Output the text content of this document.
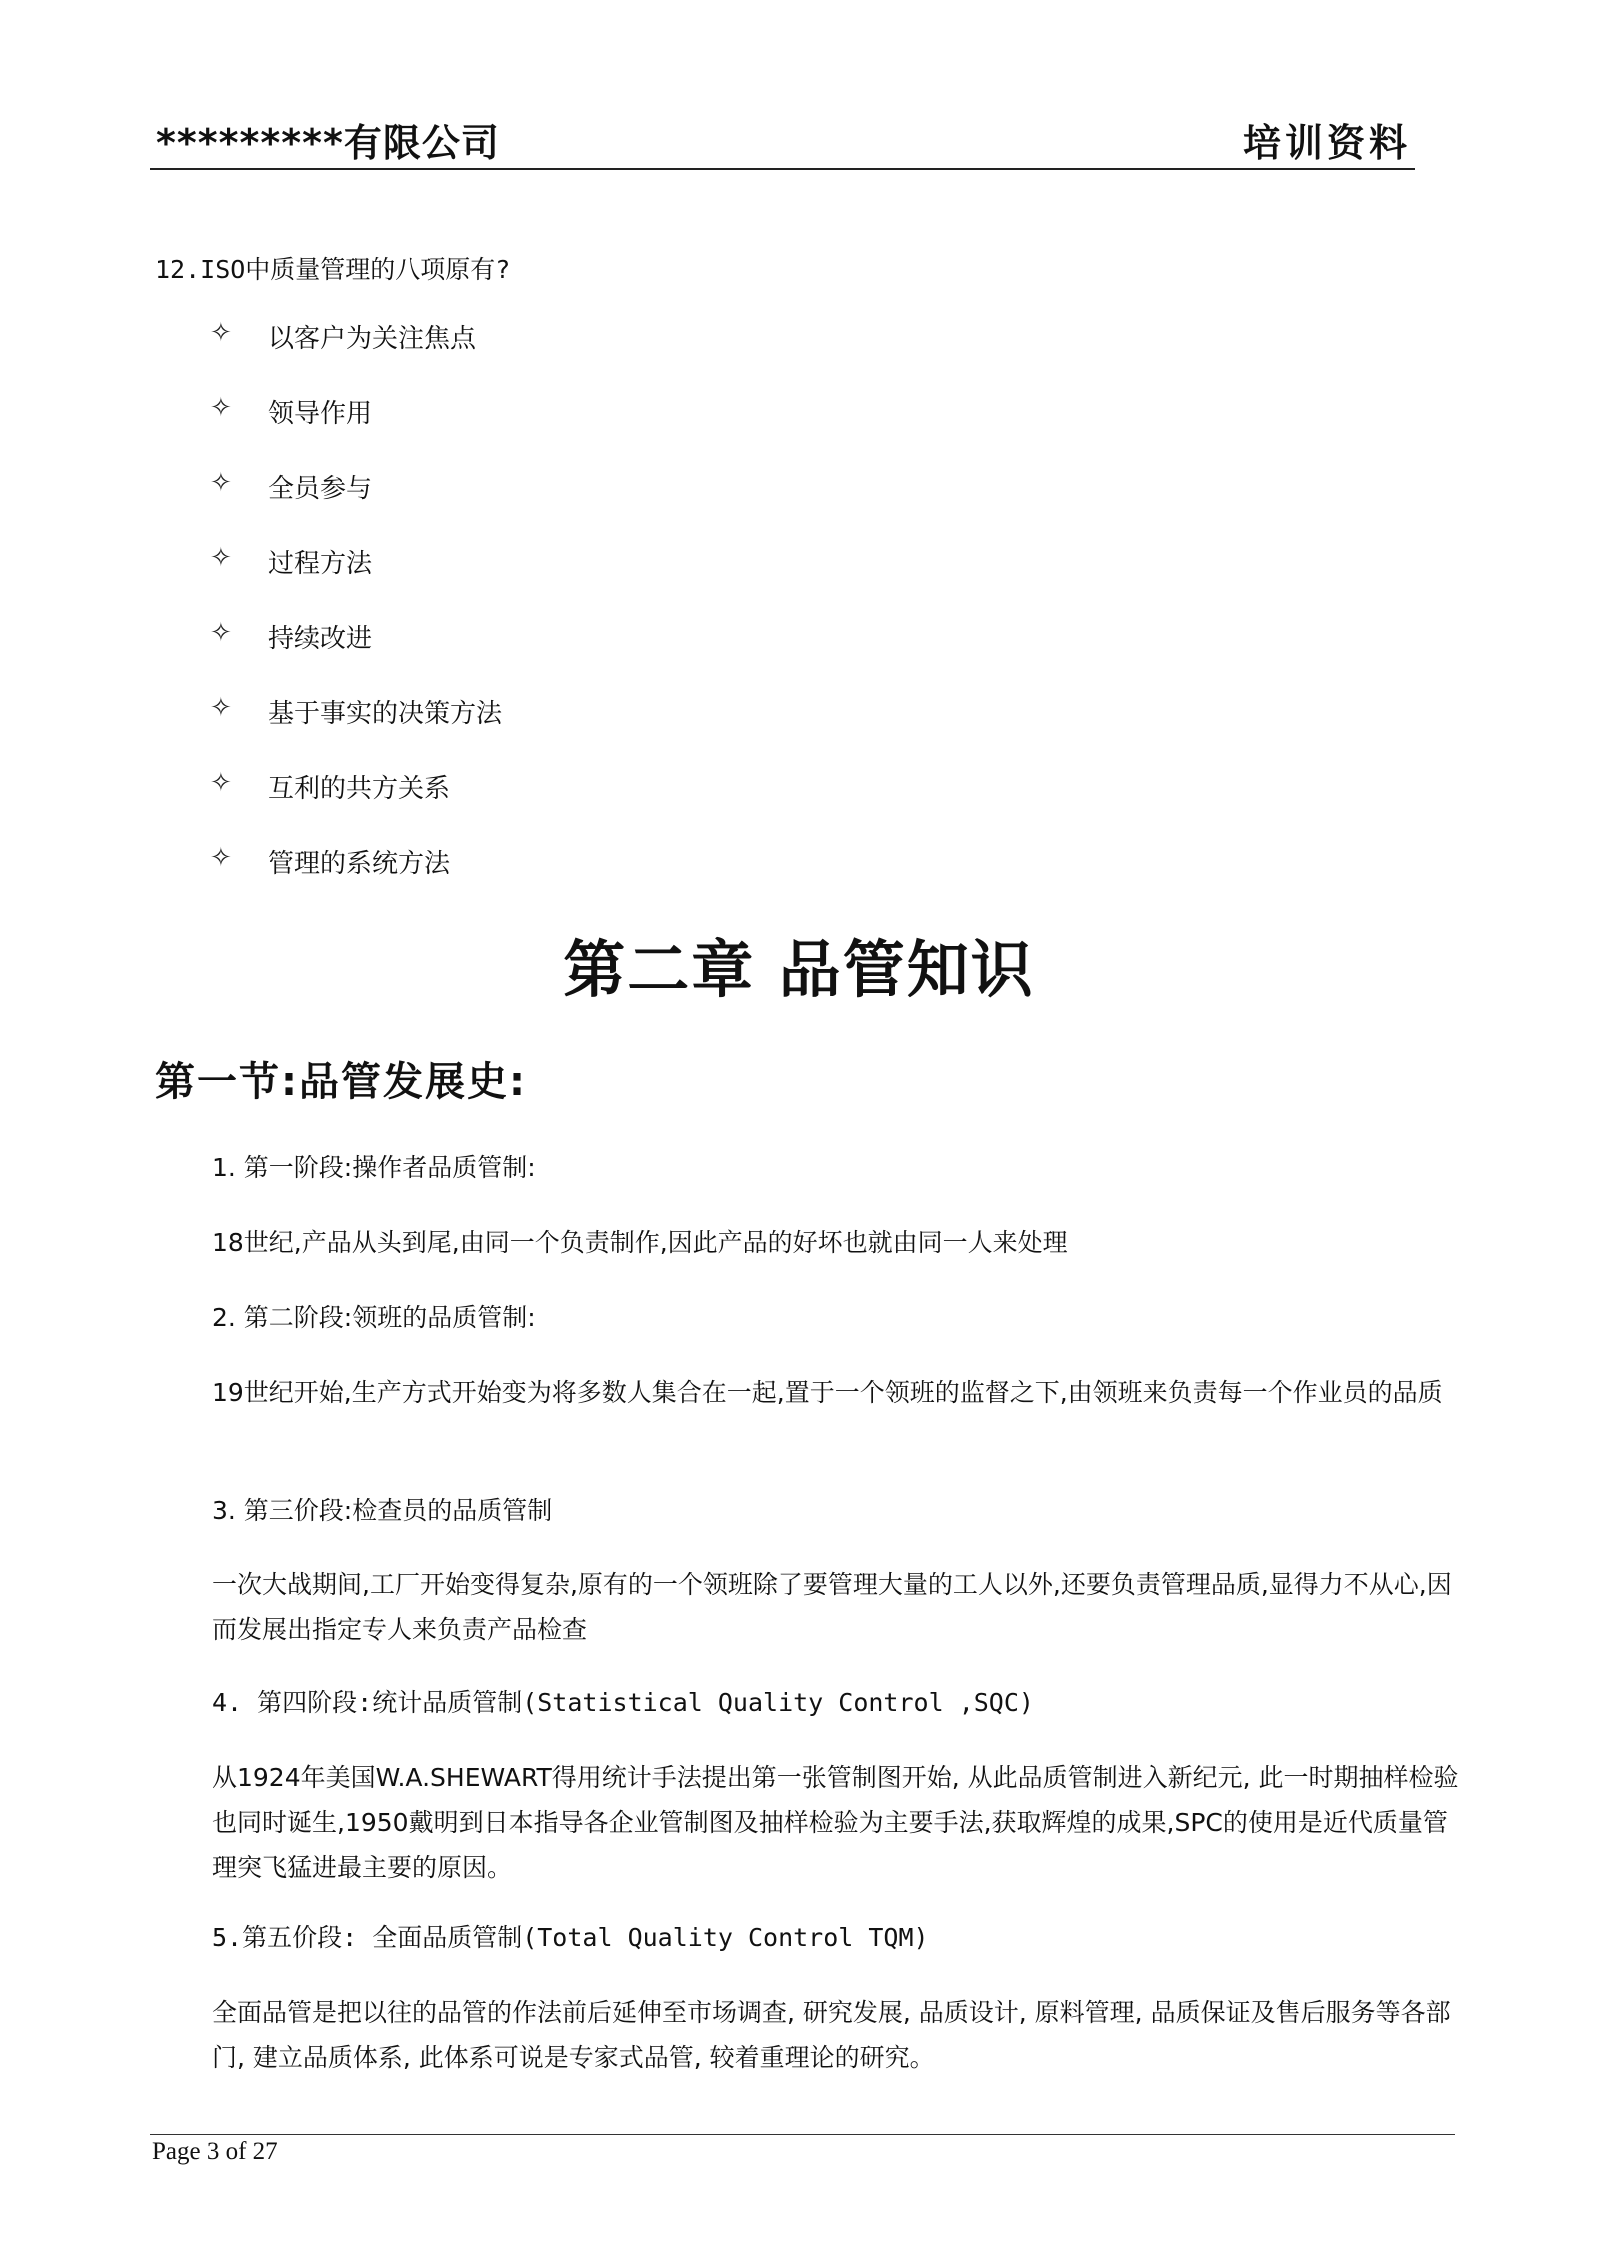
*********有限公司	培训资料
12.ISO中质量管理的八项原有?
✧	以客户为关注焦点
✧	领导作用
✧	全员参与
✧	过程方法
✧	持续改进
✧	基于事实的决策方法
✧	互利的共方关系
✧	管理的系统方法
第二章 品管知识
第一节:品管发展史:
1. 第一阶段:操作者品质管制:
18世纪,产品从头到尾,由同一个负责制作,因此产品的好坏也就由同一人来处理
2. 第二阶段:领班的品质管制:
19世纪开始,生产方式开始变为将多数人集合在一起,置于一个领班的监督之下,由领班来负责每一个作业员的品质
3. 第三价段:检查员的品质管制
一次大战期间,工厂开始变得复杂,原有的一个领班除了要管理大量的工人以外,还要负责管理品质,显得力不从心,因而发展出指定专人来负责产品检查
4. 第四阶段:统计品质管制(Statistical Quality Control ,SQC)
从1924年美国W.A.SHEWART得用统计手法提出第一张管制图开始, 从此品质管制进入新纪元, 此一时期抽样检验也同时诞生,1950戴明到日本指导各企业管制图及抽样检验为主要手法,获取辉煌的成果,SPC的使用是近代质量管理突飞猛进最主要的原因。
5.第五价段: 全面品质管制(Total Quality Control TQM)
全面品管是把以往的品管的作法前后延伸至市场调查, 研究发展, 品质设计, 原料管理, 品质保证及售后服务等各部门, 建立品质体系, 此体系可说是专家式品管, 较着重理论的研究。
Page 3 of 27
